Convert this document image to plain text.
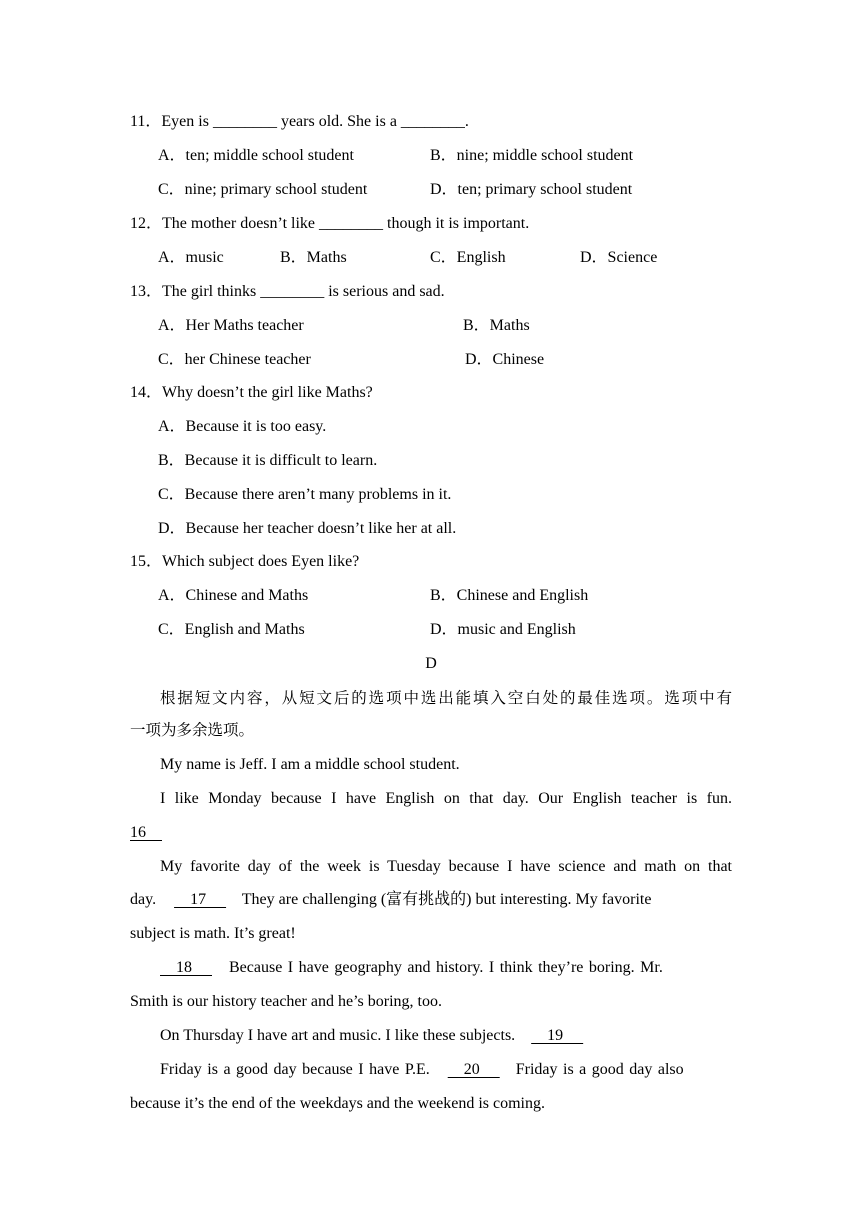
11．Eyen is ________ years old. She is a ________.
A．ten; middle school student	B．nine; middle school student
C．nine; primary school student	D．ten; primary school student
12．The mother doesn’t like ________ though it is important.
A．music	B．Maths	C．English	D．Science
13．The girl thinks ________ is serious and sad.
A．Her Maths teacher	B．Maths
C．her Chinese teacher	D．Chinese
14．Why doesn’t the girl like Maths?
A．Because it is too easy.
B．Because it is difficult to learn.
C．Because there aren’t many problems in it.
D．Because her teacher doesn’t like her at all.
15．Which subject does Eyen like?
A．Chinese and Maths	B．Chinese and English
C．English and Maths	D．music and English
D
根据短文内容，从短文后的选项中选出能填入空白处的最佳选项。选项中有
一项为多余选项。
My name is Jeff. I am a middle school student.
I like Monday because I have English on that day. Our English teacher is fun.
16
My favorite day of the week is Tuesday because I have science and math on that
day.      17       They are challenging (富有挑战的) but interesting. My favorite
subject is math. It’s great!
18       Because I have geography and history. I think they’re boring. Mr.
Smith is our history teacher and he’s boring, too.
On Thursday I have art and music. I like these subjects.      19
Friday is a good day because I have P.E.      20       Friday is a good day also
because it’s the end of the weekdays and the weekend is coming.
